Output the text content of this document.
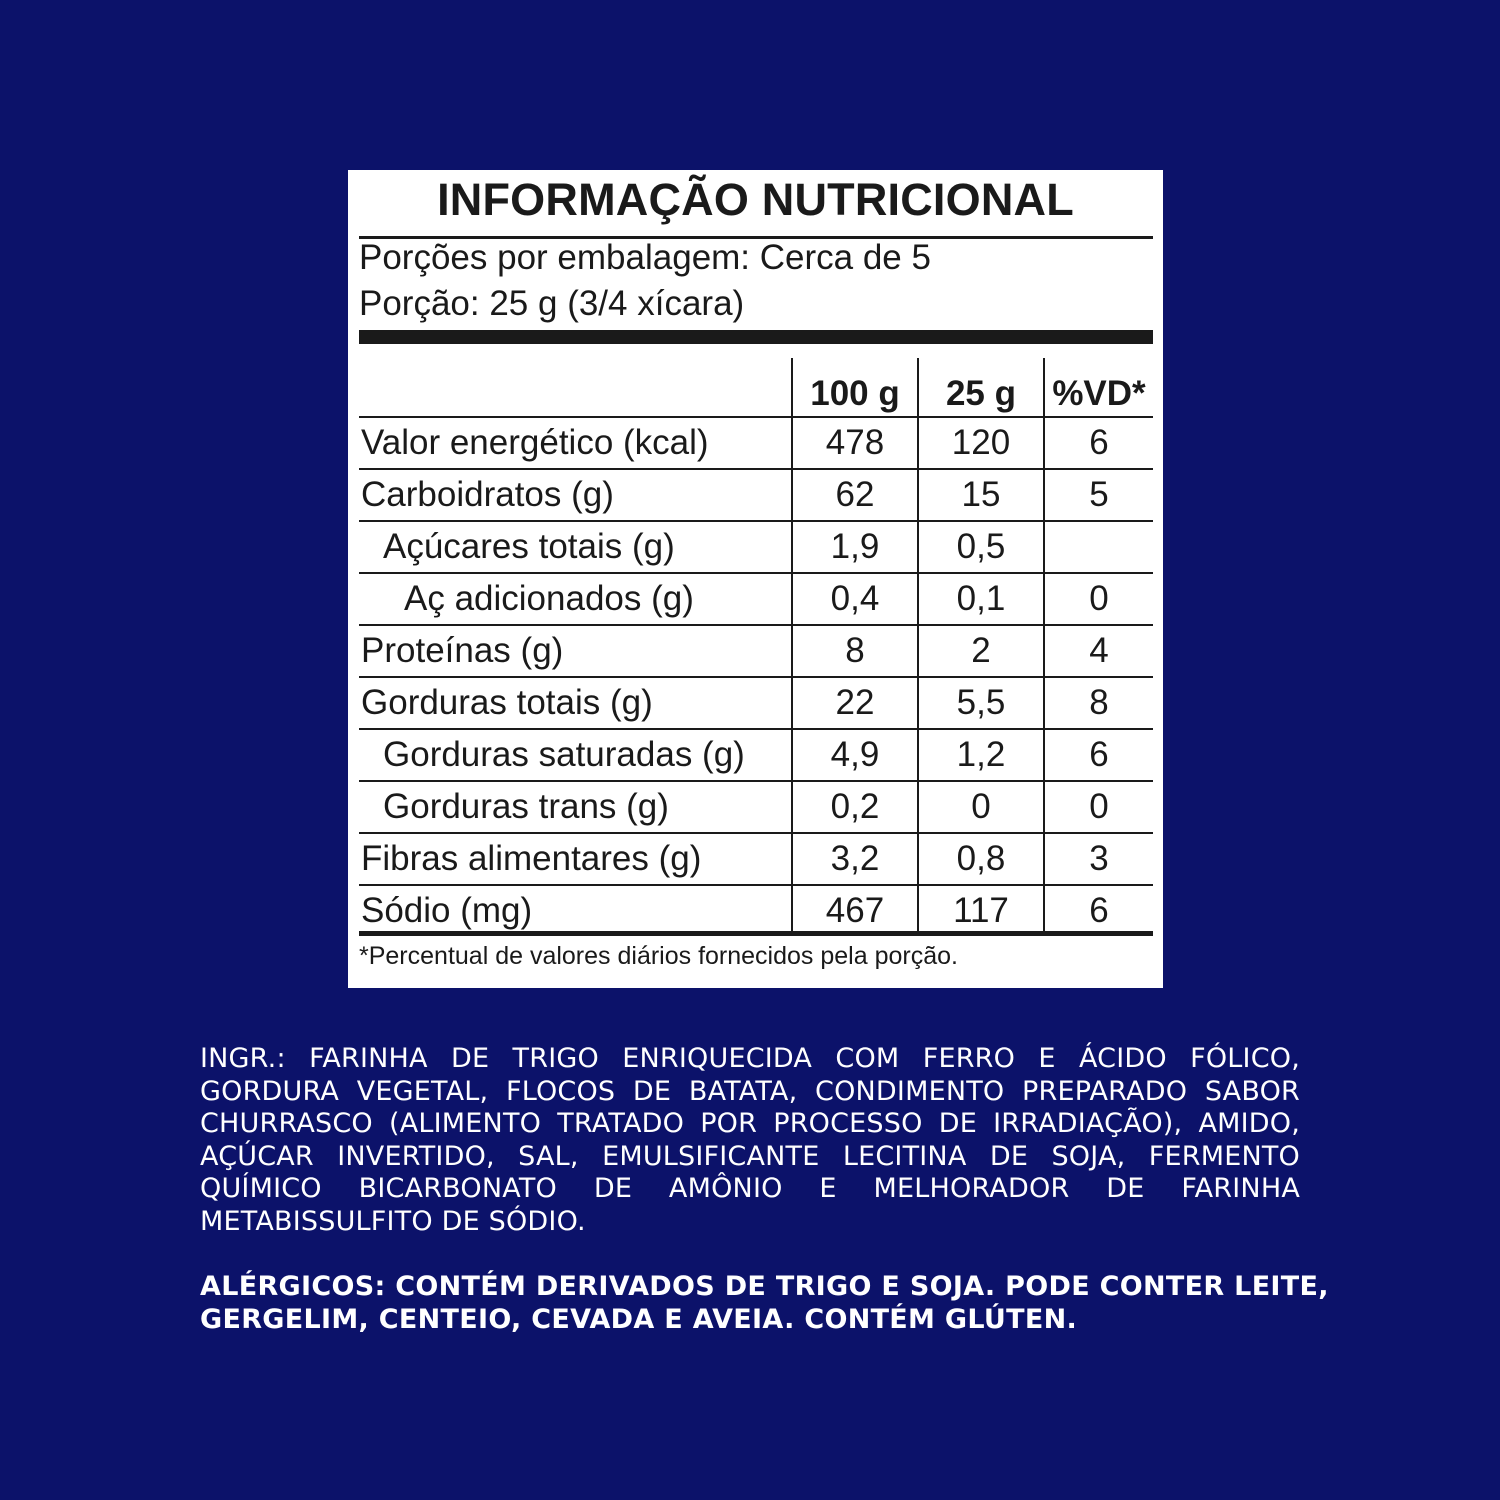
INFORMAÇÃO NUTRICIONAL
Porções por embalagem: Cerca de 5
Porção: 25 g (3/4 xícara)
	100 g	25 g	%VD*
Valor energético (kcal)	478	120	6
Carboidratos (g)	62	15	5
Açúcares totais (g)	1,9	0,5	
Aç adicionados (g)	0,4	0,1	0
Proteínas (g)	8	2	4
Gorduras totais (g)	22	5,5	8
Gorduras saturadas (g)	4,9	1,2	6
Gorduras trans (g)	0,2	0	0
Fibras alimentares (g)	3,2	0,8	3
Sódio (mg)	467	117	6
*Percentual de valores diários fornecidos pela porção.
INGR.: FARINHA DE TRIGO ENRIQUECIDA COM FERRO E ÁCIDO FÓLICO,
GORDURA VEGETAL, FLOCOS DE BATATA, CONDIMENTO PREPARADO SABOR
CHURRASCO (ALIMENTO TRATADO POR PROCESSO DE IRRADIAÇÃO), AMIDO,
AÇÚCAR INVERTIDO, SAL, EMULSIFICANTE LECITINA DE SOJA, FERMENTO
QUÍMICO BICARBONATO DE AMÔNIO E MELHORADOR DE FARINHA
METABISSULFITO DE SÓDIO.
ALÉRGICOS: CONTÉM DERIVADOS DE TRIGO E SOJA. PODE CONTER LEITE,
GERGELIM, CENTEIO, CEVADA E AVEIA. CONTÉM GLÚTEN.
